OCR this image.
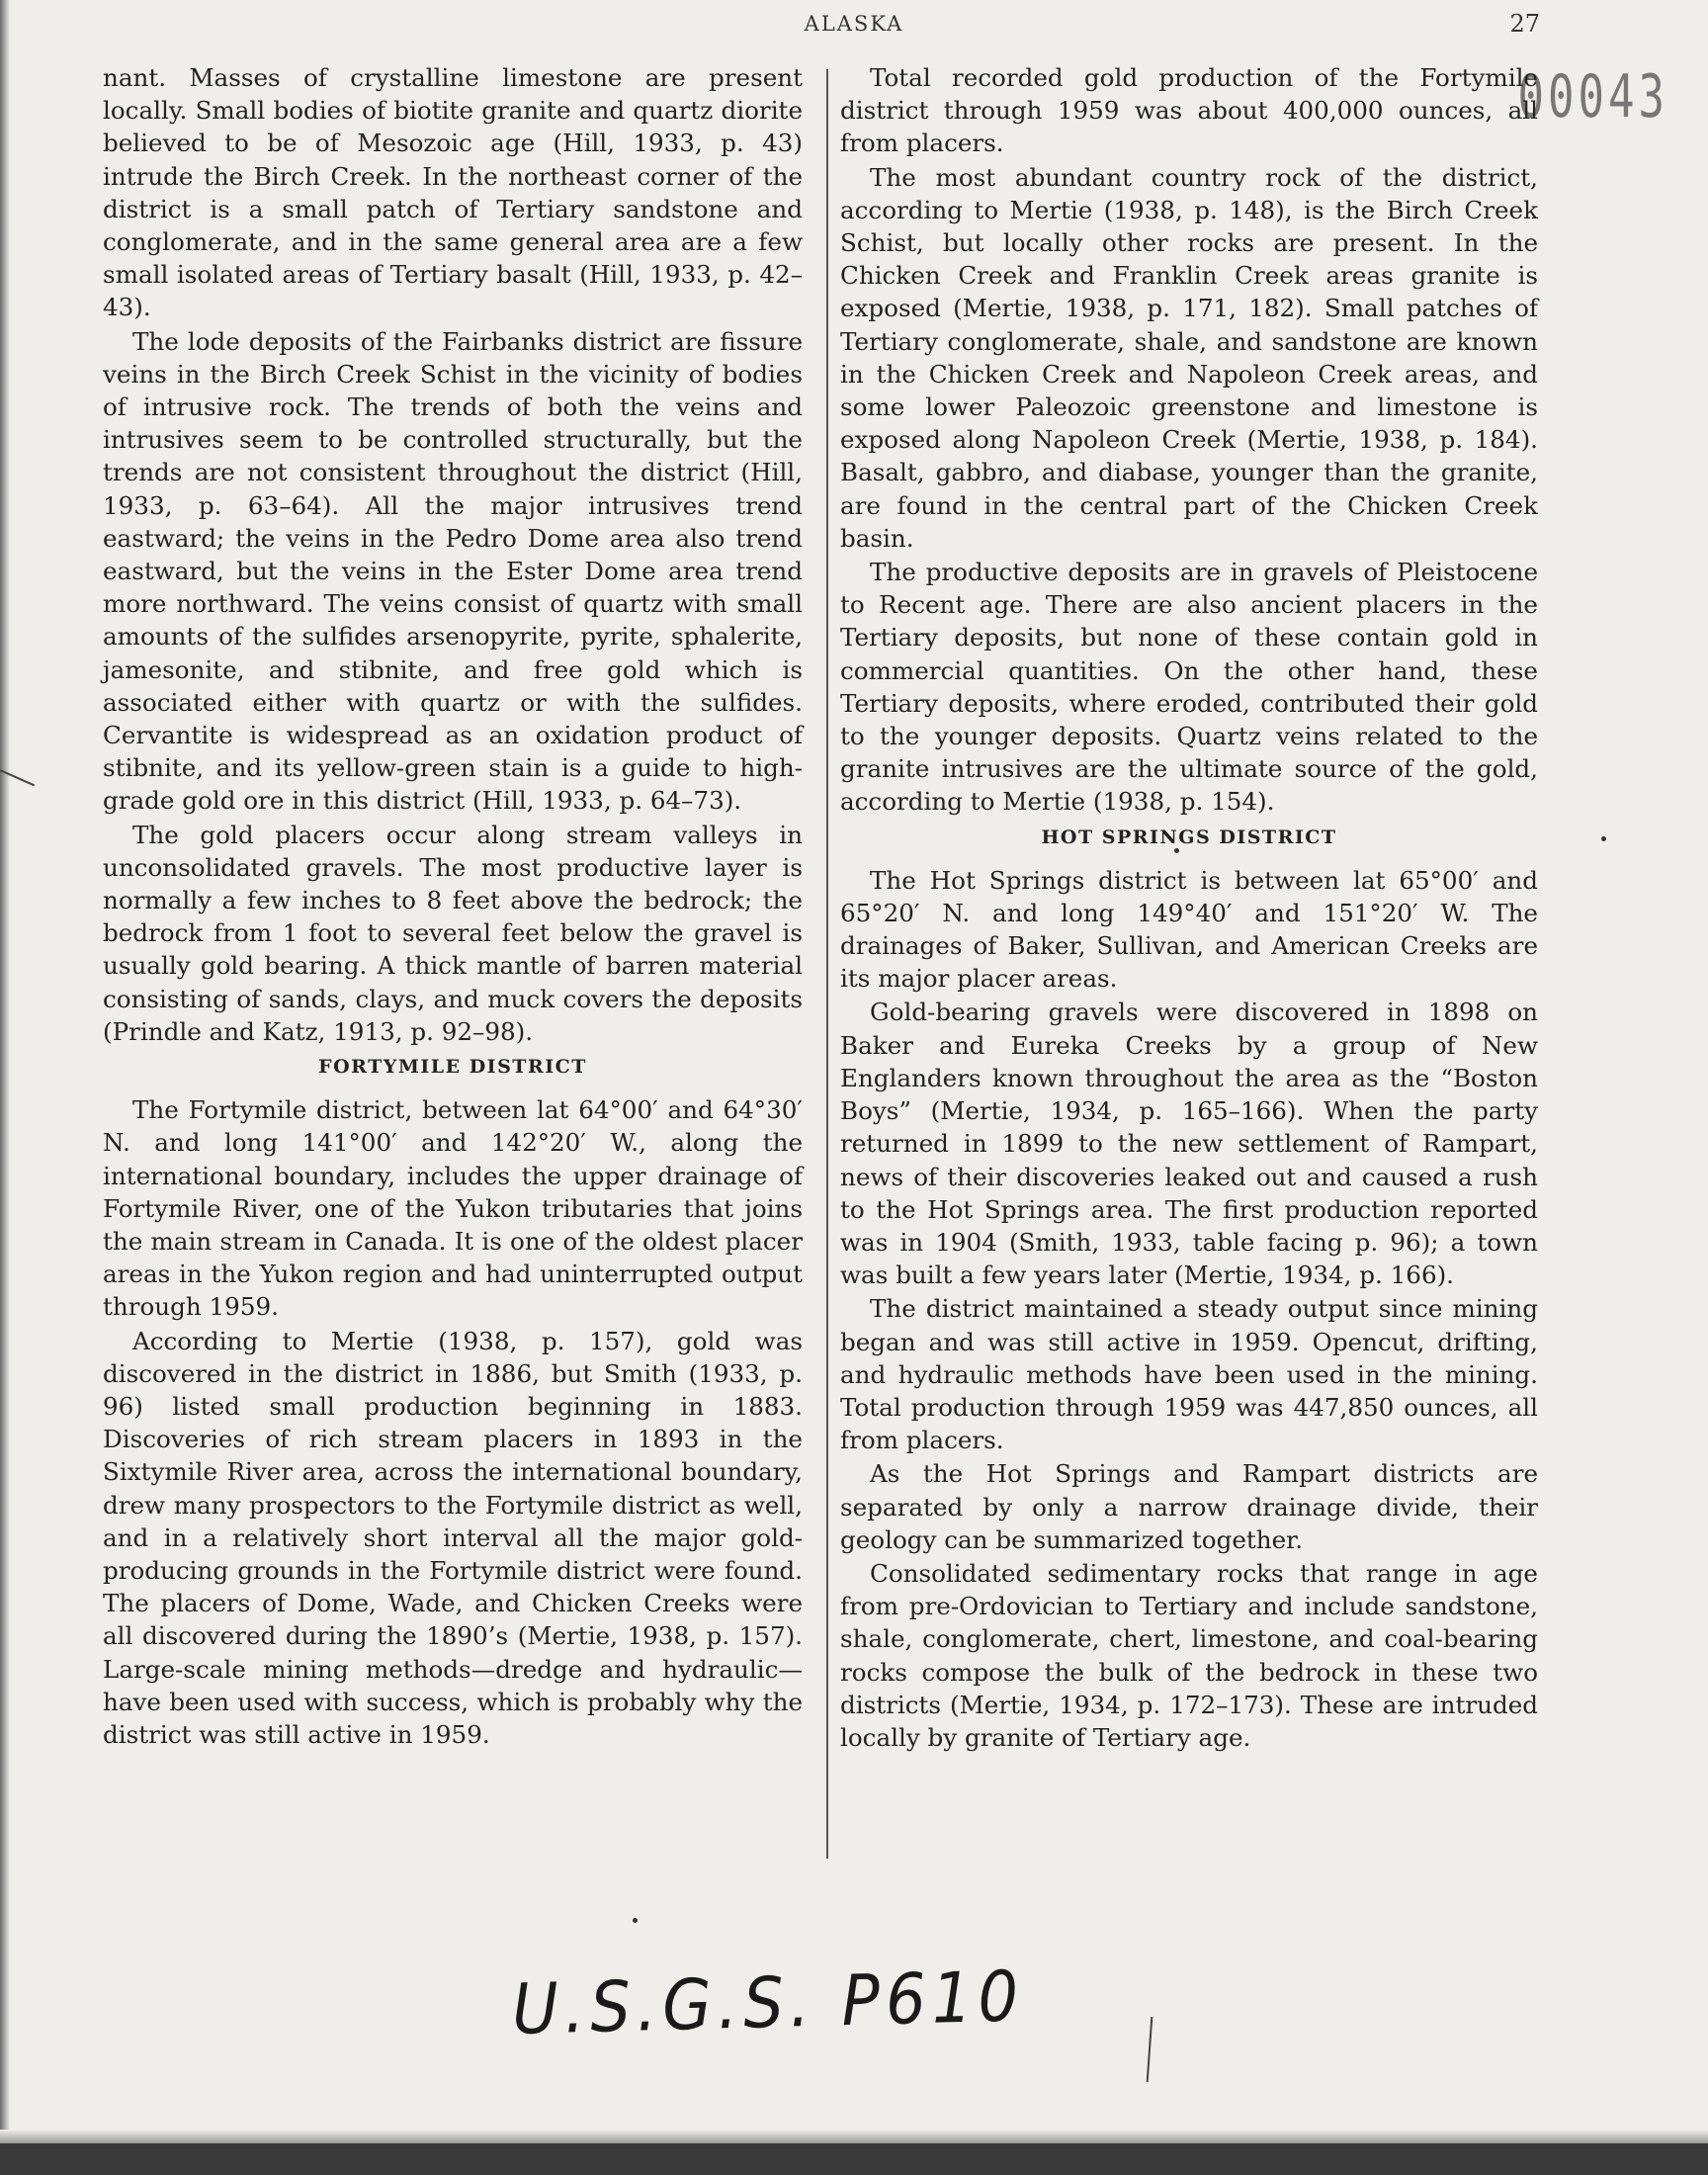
ALASKA	27
00043

nant. Masses of crystalline limestone are present locally. Small bodies of biotite granite and quartz diorite believed to be of Mesozoic age (Hill, 1933, p. 43) intrude the Birch Creek. In the northeast corner of the district is a small patch of Tertiary sandstone and conglomerate, and in the same general area are a few small isolated areas of Tertiary basalt (Hill, 1933, p. 42–43).

The lode deposits of the Fairbanks district are fissure veins in the Birch Creek Schist in the vicinity of bodies of intrusive rock. The trends of both the veins and intrusives seem to be controlled structurally, but the trends are not consistent throughout the district (Hill, 1933, p. 63–64). All the major intrusives trend eastward; the veins in the Pedro Dome area also trend eastward, but the veins in the Ester Dome area trend more northward. The veins consist of quartz with small amounts of the sulfides arsenopyrite, pyrite, sphalerite, jamesonite, and stibnite, and free gold which is associated either with quartz or with the sulfides. Cervantite is widespread as an oxidation product of stibnite, and its yellow-green stain is a guide to high-grade gold ore in this district (Hill, 1933, p. 64–73).

The gold placers occur along stream valleys in unconsolidated gravels. The most productive layer is normally a few inches to 8 feet above the bedrock; the bedrock from 1 foot to several feet below the gravel is usually gold bearing. A thick mantle of barren material consisting of sands, clays, and muck covers the deposits (Prindle and Katz, 1913, p. 92–98).

FORTYMILE DISTRICT

The Fortymile district, between lat 64°00′ and 64°30′ N. and long 141°00′ and 142°20′ W., along the international boundary, includes the upper drainage of Fortymile River, one of the Yukon tributaries that joins the main stream in Canada. It is one of the oldest placer areas in the Yukon region and had uninterrupted output through 1959.

According to Mertie (1938, p. 157), gold was discovered in the district in 1886, but Smith (1933, p. 96) listed small production beginning in 1883. Discoveries of rich stream placers in 1893 in the Sixtymile River area, across the international boundary, drew many prospectors to the Fortymile district as well, and in a relatively short interval all the major gold-producing grounds in the Fortymile district were found. The placers of Dome, Wade, and Chicken Creeks were all discovered during the 1890’s (Mertie, 1938, p. 157). Large-scale mining methods—dredge and hydraulic—have been used with success, which is probably why the district was still active in 1959.

Total recorded gold production of the Fortymile district through 1959 was about 400,000 ounces, all from placers.

The most abundant country rock of the district, according to Mertie (1938, p. 148), is the Birch Creek Schist, but locally other rocks are present. In the Chicken Creek and Franklin Creek areas granite is exposed (Mertie, 1938, p. 171, 182). Small patches of Tertiary conglomerate, shale, and sandstone are known in the Chicken Creek and Napoleon Creek areas, and some lower Paleozoic greenstone and limestone is exposed along Napoleon Creek (Mertie, 1938, p. 184). Basalt, gabbro, and diabase, younger than the granite, are found in the central part of the Chicken Creek basin.

The productive deposits are in gravels of Pleistocene to Recent age. There are also ancient placers in the Tertiary deposits, but none of these contain gold in commercial quantities. On the other hand, these Tertiary deposits, where eroded, contributed their gold to the younger deposits. Quartz veins related to the granite intrusives are the ultimate source of the gold, according to Mertie (1938, p. 154).

HOT SPRINGS DISTRICT

The Hot Springs district is between lat 65°00′ and 65°20′ N. and long 149°40′ and 151°20′ W. The drainages of Baker, Sullivan, and American Creeks are its major placer areas.

Gold-bearing gravels were discovered in 1898 on Baker and Eureka Creeks by a group of New Englanders known throughout the area as the “Boston Boys” (Mertie, 1934, p. 165–166). When the party returned in 1899 to the new settlement of Rampart, news of their discoveries leaked out and caused a rush to the Hot Springs area. The first production reported was in 1904 (Smith, 1933, table facing p. 96); a town was built a few years later (Mertie, 1934, p. 166).

The district maintained a steady output since mining began and was still active in 1959. Opencut, drifting, and hydraulic methods have been used in the mining. Total production through 1959 was 447,850 ounces, all from placers.

As the Hot Springs and Rampart districts are separated by only a narrow drainage divide, their geology can be summarized together.

Consolidated sedimentary rocks that range in age from pre-Ordovician to Tertiary and include sandstone, shale, conglomerate, chert, limestone, and coal-bearing rocks compose the bulk of the bedrock in these two districts (Mertie, 1934, p. 172–173). These are intruded locally by granite of Tertiary age.

U.S.G.S. P610
